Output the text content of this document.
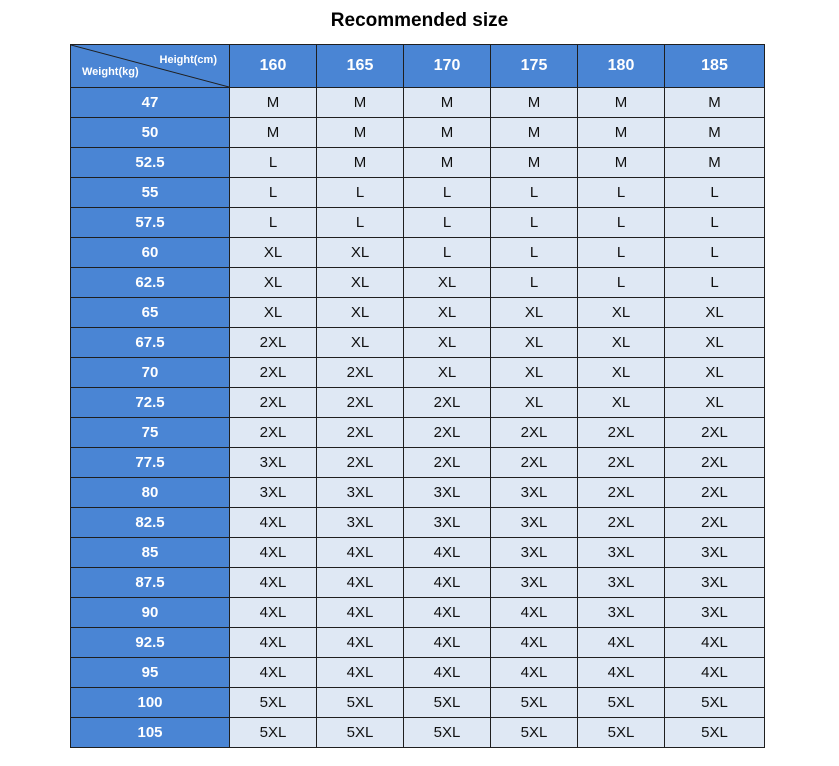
Recommended size
Height(cm)
Weight(kg)	160	165	170	175	180	185
47	M	M	M	M	M	M
50	M	M	M	M	M	M
52.5	L	M	M	M	M	M
55	L	L	L	L	L	L
57.5	L	L	L	L	L	L
60	XL	XL	L	L	L	L
62.5	XL	XL	XL	L	L	L
65	XL	XL	XL	XL	XL	XL
67.5	2XL	XL	XL	XL	XL	XL
70	2XL	2XL	XL	XL	XL	XL
72.5	2XL	2XL	2XL	XL	XL	XL
75	2XL	2XL	2XL	2XL	2XL	2XL
77.5	3XL	2XL	2XL	2XL	2XL	2XL
80	3XL	3XL	3XL	3XL	2XL	2XL
82.5	4XL	3XL	3XL	3XL	2XL	2XL
85	4XL	4XL	4XL	3XL	3XL	3XL
87.5	4XL	4XL	4XL	3XL	3XL	3XL
90	4XL	4XL	4XL	4XL	3XL	3XL
92.5	4XL	4XL	4XL	4XL	4XL	4XL
95	4XL	4XL	4XL	4XL	4XL	4XL
100	5XL	5XL	5XL	5XL	5XL	5XL
105	5XL	5XL	5XL	5XL	5XL	5XL
